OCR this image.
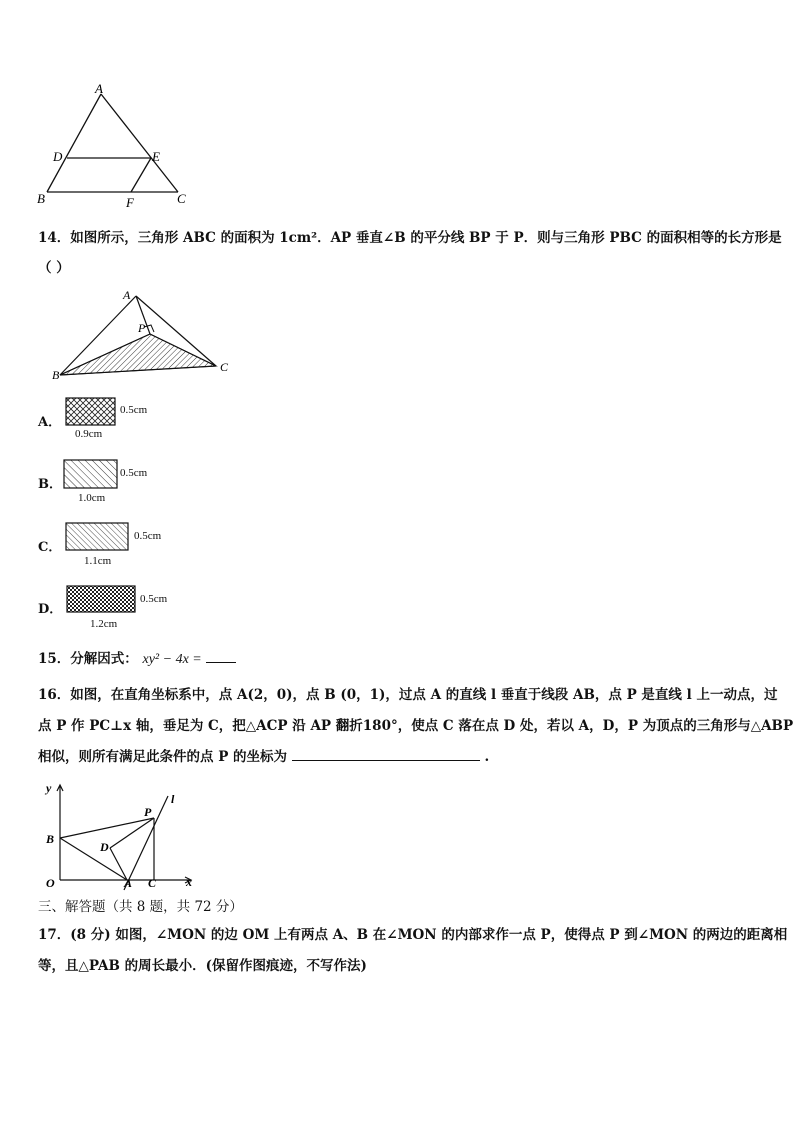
A
D	E
B	F	C
14．如图所示，三角形 ABC 的面积为 1cm²．AP 垂直∠B 的平分线 BP 于 P．则与三角形 PBC 的面积相等的长方形是
（ ）
A
P
B
C
A．
0.5cm
0.9cm
B．
0.5cm
1.0cm
C．
0.5cm
1.1cm
D．
0.5cm
1.2cm
15．分解因式： xy² − 4x =
16．如图，在直角坐标系中，点 A(2，0)，点 B (0，1)，过点 A 的直线 l 垂直于线段 AB，点 P 是直线 l 上一动点，过
点 P 作 PC⊥x 轴，垂足为 C，把△ACP 沿 AP 翻折180°，使点 C 落在点 D 处，若以 A，D，P 为顶点的三角形与△ABP
相似，则所有满足此条件的点 P 的坐标为	.
y
x
l
P
B
D
O	A C
三、解答题（共 8 题，共 72 分）
17．(8 分) 如图，∠MON 的边 OM 上有两点 A、B 在∠MON 的内部求作一点 P，使得点 P 到∠MON 的两边的距离相
等，且△PAB 的周长最小．(保留作图痕迹，不写作法)
